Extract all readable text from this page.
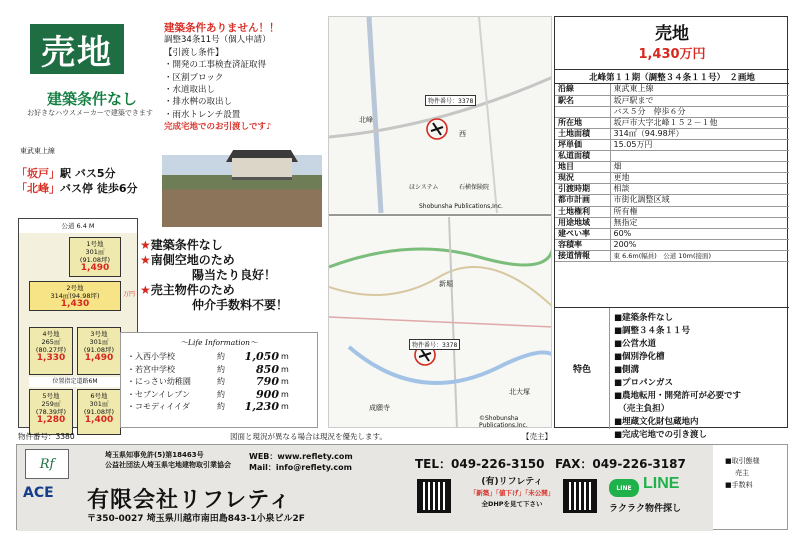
売地
建築条件なし
お好きなハウスメーカーで建築できます
建築条件ありません！！
調整34条11号（個人申請）
【引渡し条件】
・開発の工事検査済証取得
・区割ブロック
・水道取出し
・排水桝の取出し
・雨水トレンチ設置
完成宅地でのお引渡しです♪
東武東上線
「坂戸」駅 バス5分
「北峰」バス停 徒歩6分
公道 6.4 M
1号地
301㎡
(91.08坪)
1,490
2号地
314㎡(94.98坪)
1,430
4号地
265㎡
(80.27坪)
1,330
3号地
301㎡
(91.08坪)
1,490
位置指定道路6M
5号地
259㎡
(78.39坪)
1,280
6号地
301㎡
(91.08坪)
1,400
万円
★建築条件なし
★南側空地のため
陽当たり良好！
★売主物件のため
仲介手数料不要！
～Life Information～
・入西小学校	約	1,050 m
・若宮中学校	約	850 m
・にっさい幼稚園	約	790 m
・セブンイレブン	約	900 m
・コモディイイダ	約	1,230 m
北峰
西
物件番号：3378
ほシステム	石横保険院
Shobunsha Publications,Inc.
新堀
北大塚
成願寺
物件番号：3378
©Shobunsha Publications,Inc.
売地
1,430万円
北峰第１１期（調整３４条１１号）　２画地
沿線	東武東上線
駅名	坂戸駅まで
	バス５分　停歩６分
所在地	坂戸市大字北峰１５２－１他
土地面積	314㎡（94.98坪）
坪単価	15.05万円
私道面積	
地目	畑
現況	更地
引渡時期	相談
都市計画	市街化調整区域
土地権利	所有権
用途地域	無指定
建ぺい率	60%
容積率	200%
接道情報	東 6.6m(幅員)　公道 10m(接面)
特色
■建築条件なし
■調整３４条１１号
■公営水道
■個別浄化槽
■側溝
■プロパンガス
■農地転用・開発許可が必要です
　（売主負担）
■埋蔵文化財包蔵地内
■完成宅地での引き渡し
物件番号：3380	図面と現況が異なる場合は現況を優先します。	【売主】
Rf
ACE
埼玉県知事免許(5)第18463号
公益社団法人埼玉県宅地建物取引業協会
WEB：www.reflety.com
Mail：info@reflety.com	TEL：049-226-3150 FAX：049-226-3187
有限会社リフレティ
〒350-0027 埼玉県川越市南田島843-1小泉ビル2F
(有)リフレティ
「新築」「値下げ」「未公開」
全DHPを見て下さい
LINE LINE
ラクラク物件探し
■取引態様
売主
■手数料
